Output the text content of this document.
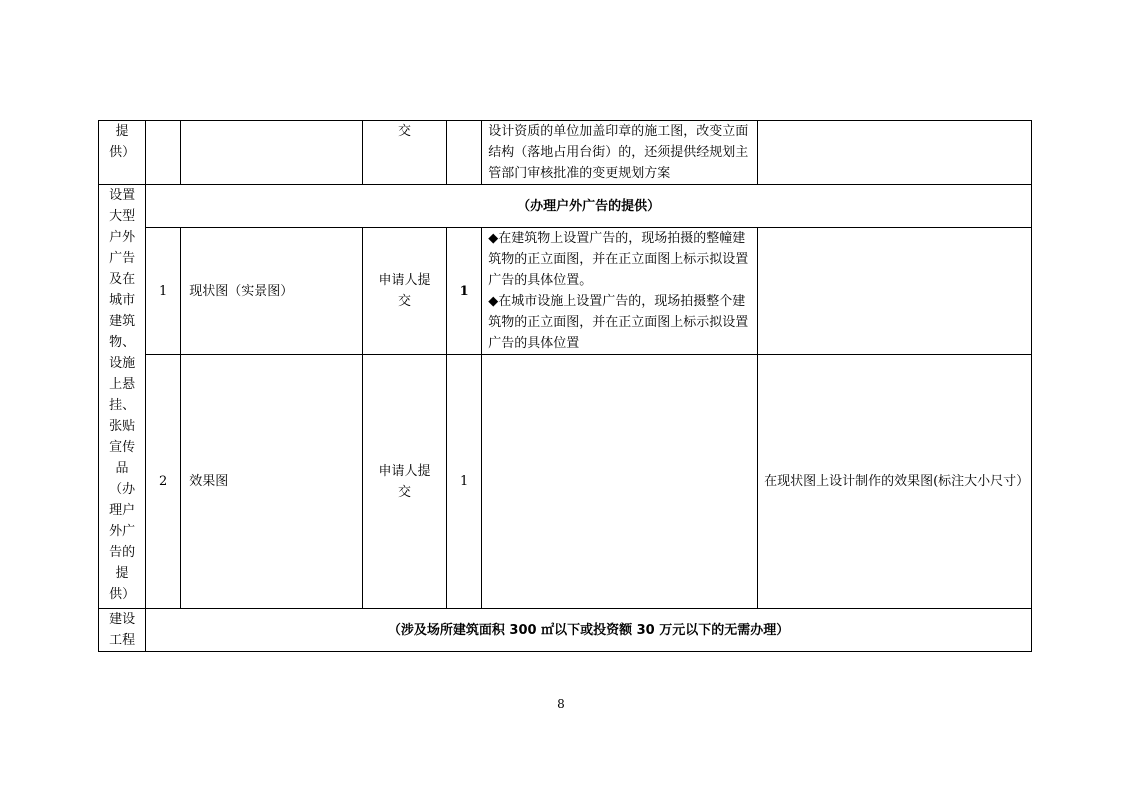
提供）			交		设计资质的单位加盖印章的施工图，改变立面结构（落地占用台街）的，还须提供经规划主管部门审核批准的变更规划方案	

设置大型户外广告及在城市建筑物、设施上悬挂、张贴宣传品（办理户外广告的提供）	（办理户外广告的提供）					
	1	现状图（实景图）	申请人提交	1	◆在建筑物上设置广告的，现场拍摄的整幢建筑物的正立面图，并在正立面图上标示拟设置广告的具体位置。
◆在城市设施上设置广告的，现场拍摄整个建筑物的正立面图，并在正立面图上标示拟设置广告的具体位置	

	2	效果图	申请人提交	1		在现状图上设计制作的效果图(标注大小尺寸）

建设工程	（涉及场所建筑面积 300 ㎡以下或投资额 30 万元以下的无需办理）					
8
